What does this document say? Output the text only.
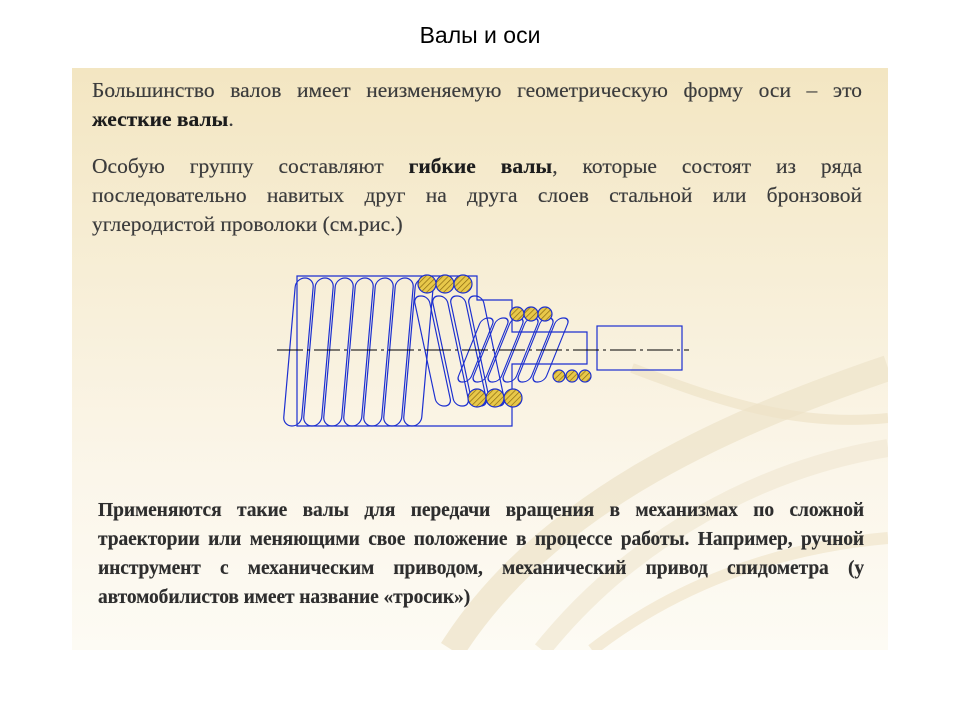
Валы и оси

Большинство валов имеет неизменяемую геометрическую форму оси – это жесткие валы.

Особую группу составляют гибкие валы, которые состоят из ряда последовательно навитых друг на друга слоев стальной или бронзовой углеродистой проволоки (см.рис.)

Применяются такие валы для передачи вращения в механизмах по сложной траектории или меняющими свое положение в процессе работы. Например, ручной инструмент с механическим приводом, механический привод спидометра (у автомобилистов имеет название «тросик»)
